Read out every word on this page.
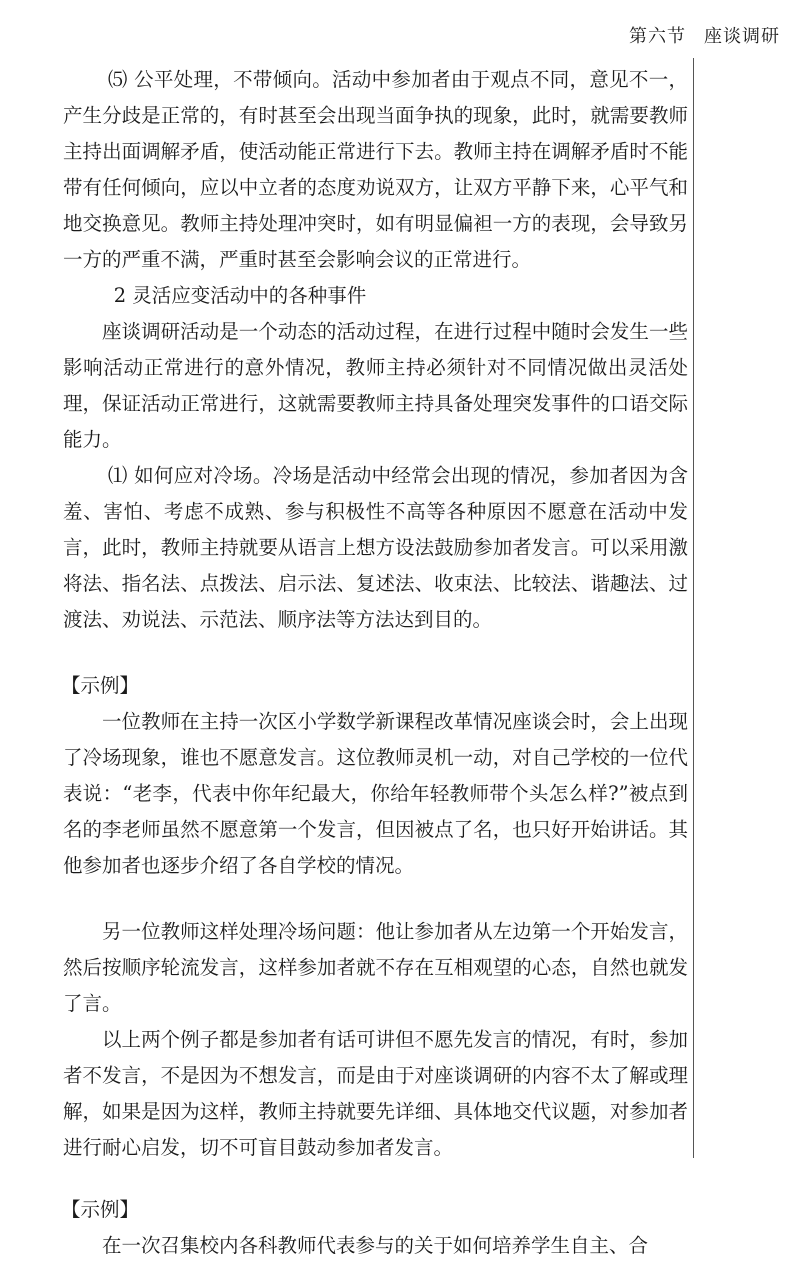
第六节 座谈调研

⑸ 公平处理，不带倾向。活动中参加者由于观点不同，意见不一，产生分歧是正常的，有时甚至会出现当面争执的现象，此时，就需要教师主持出面调解矛盾，使活动能正常进行下去。教师主持在调解矛盾时不能带有任何倾向，应以中立者的态度劝说双方，让双方平静下来，心平气和地交换意见。教师主持处理冲突时，如有明显偏袒一方的表现，会导致另一方的严重不满，严重时甚至会影响会议的正常进行。

2 灵活应变活动中的各种事件

座谈调研活动是一个动态的活动过程，在进行过程中随时会发生一些影响活动正常进行的意外情况，教师主持必须针对不同情况做出灵活处理，保证活动正常进行，这就需要教师主持具备处理突发事件的口语交际能力。

⑴ 如何应对冷场。冷场是活动中经常会出现的情况，参加者因为含羞、害怕、考虑不成熟、参与积极性不高等各种原因不愿意在活动中发言，此时，教师主持就要从语言上想方设法鼓励参加者发言。可以采用激将法、指名法、点拨法、启示法、复述法、收束法、比较法、谐趣法、过渡法、劝说法、示范法、顺序法等方法达到目的。

【示例】

一位教师在主持一次区小学数学新课程改革情况座谈会时，会上出现了冷场现象，谁也不愿意发言。这位教师灵机一动，对自己学校的一位代表说：“老李，代表中你年纪最大，你给年轻教师带个头怎么样?”被点到名的李老师虽然不愿意第一个发言，但因被点了名，也只好开始讲话。其他参加者也逐步介绍了各自学校的情况。

另一位教师这样处理冷场问题：他让参加者从左边第一个开始发言，然后按顺序轮流发言，这样参加者就不存在互相观望的心态，自然也就发了言。

以上两个例子都是参加者有话可讲但不愿先发言的情况，有时，参加者不发言，不是因为不想发言，而是由于对座谈调研的内容不太了解或理解，如果是因为这样，教师主持就要先详细、具体地交代议题，对参加者进行耐心启发，切不可盲目鼓动参加者发言。

【示例】

在一次召集校内各科教师代表参与的关于如何培养学生自主、合
